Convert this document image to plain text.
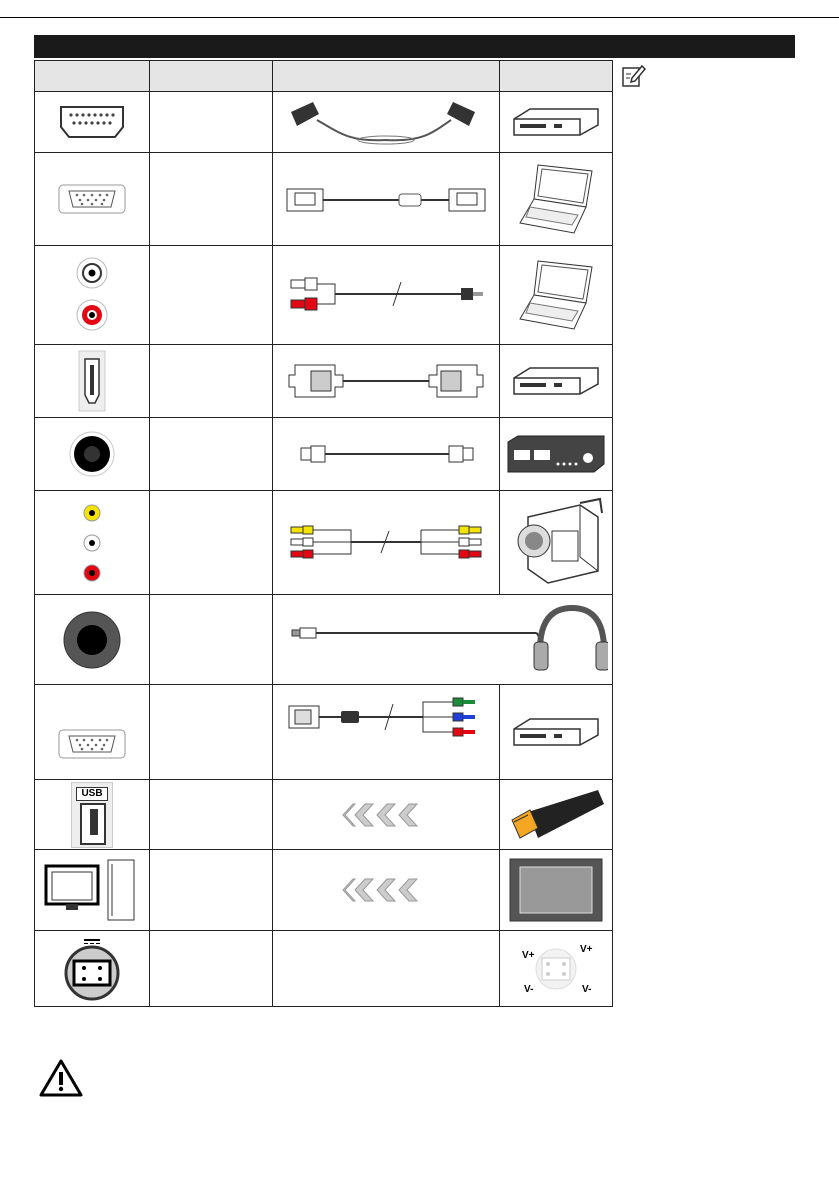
USB

V+
V+
V- V-
